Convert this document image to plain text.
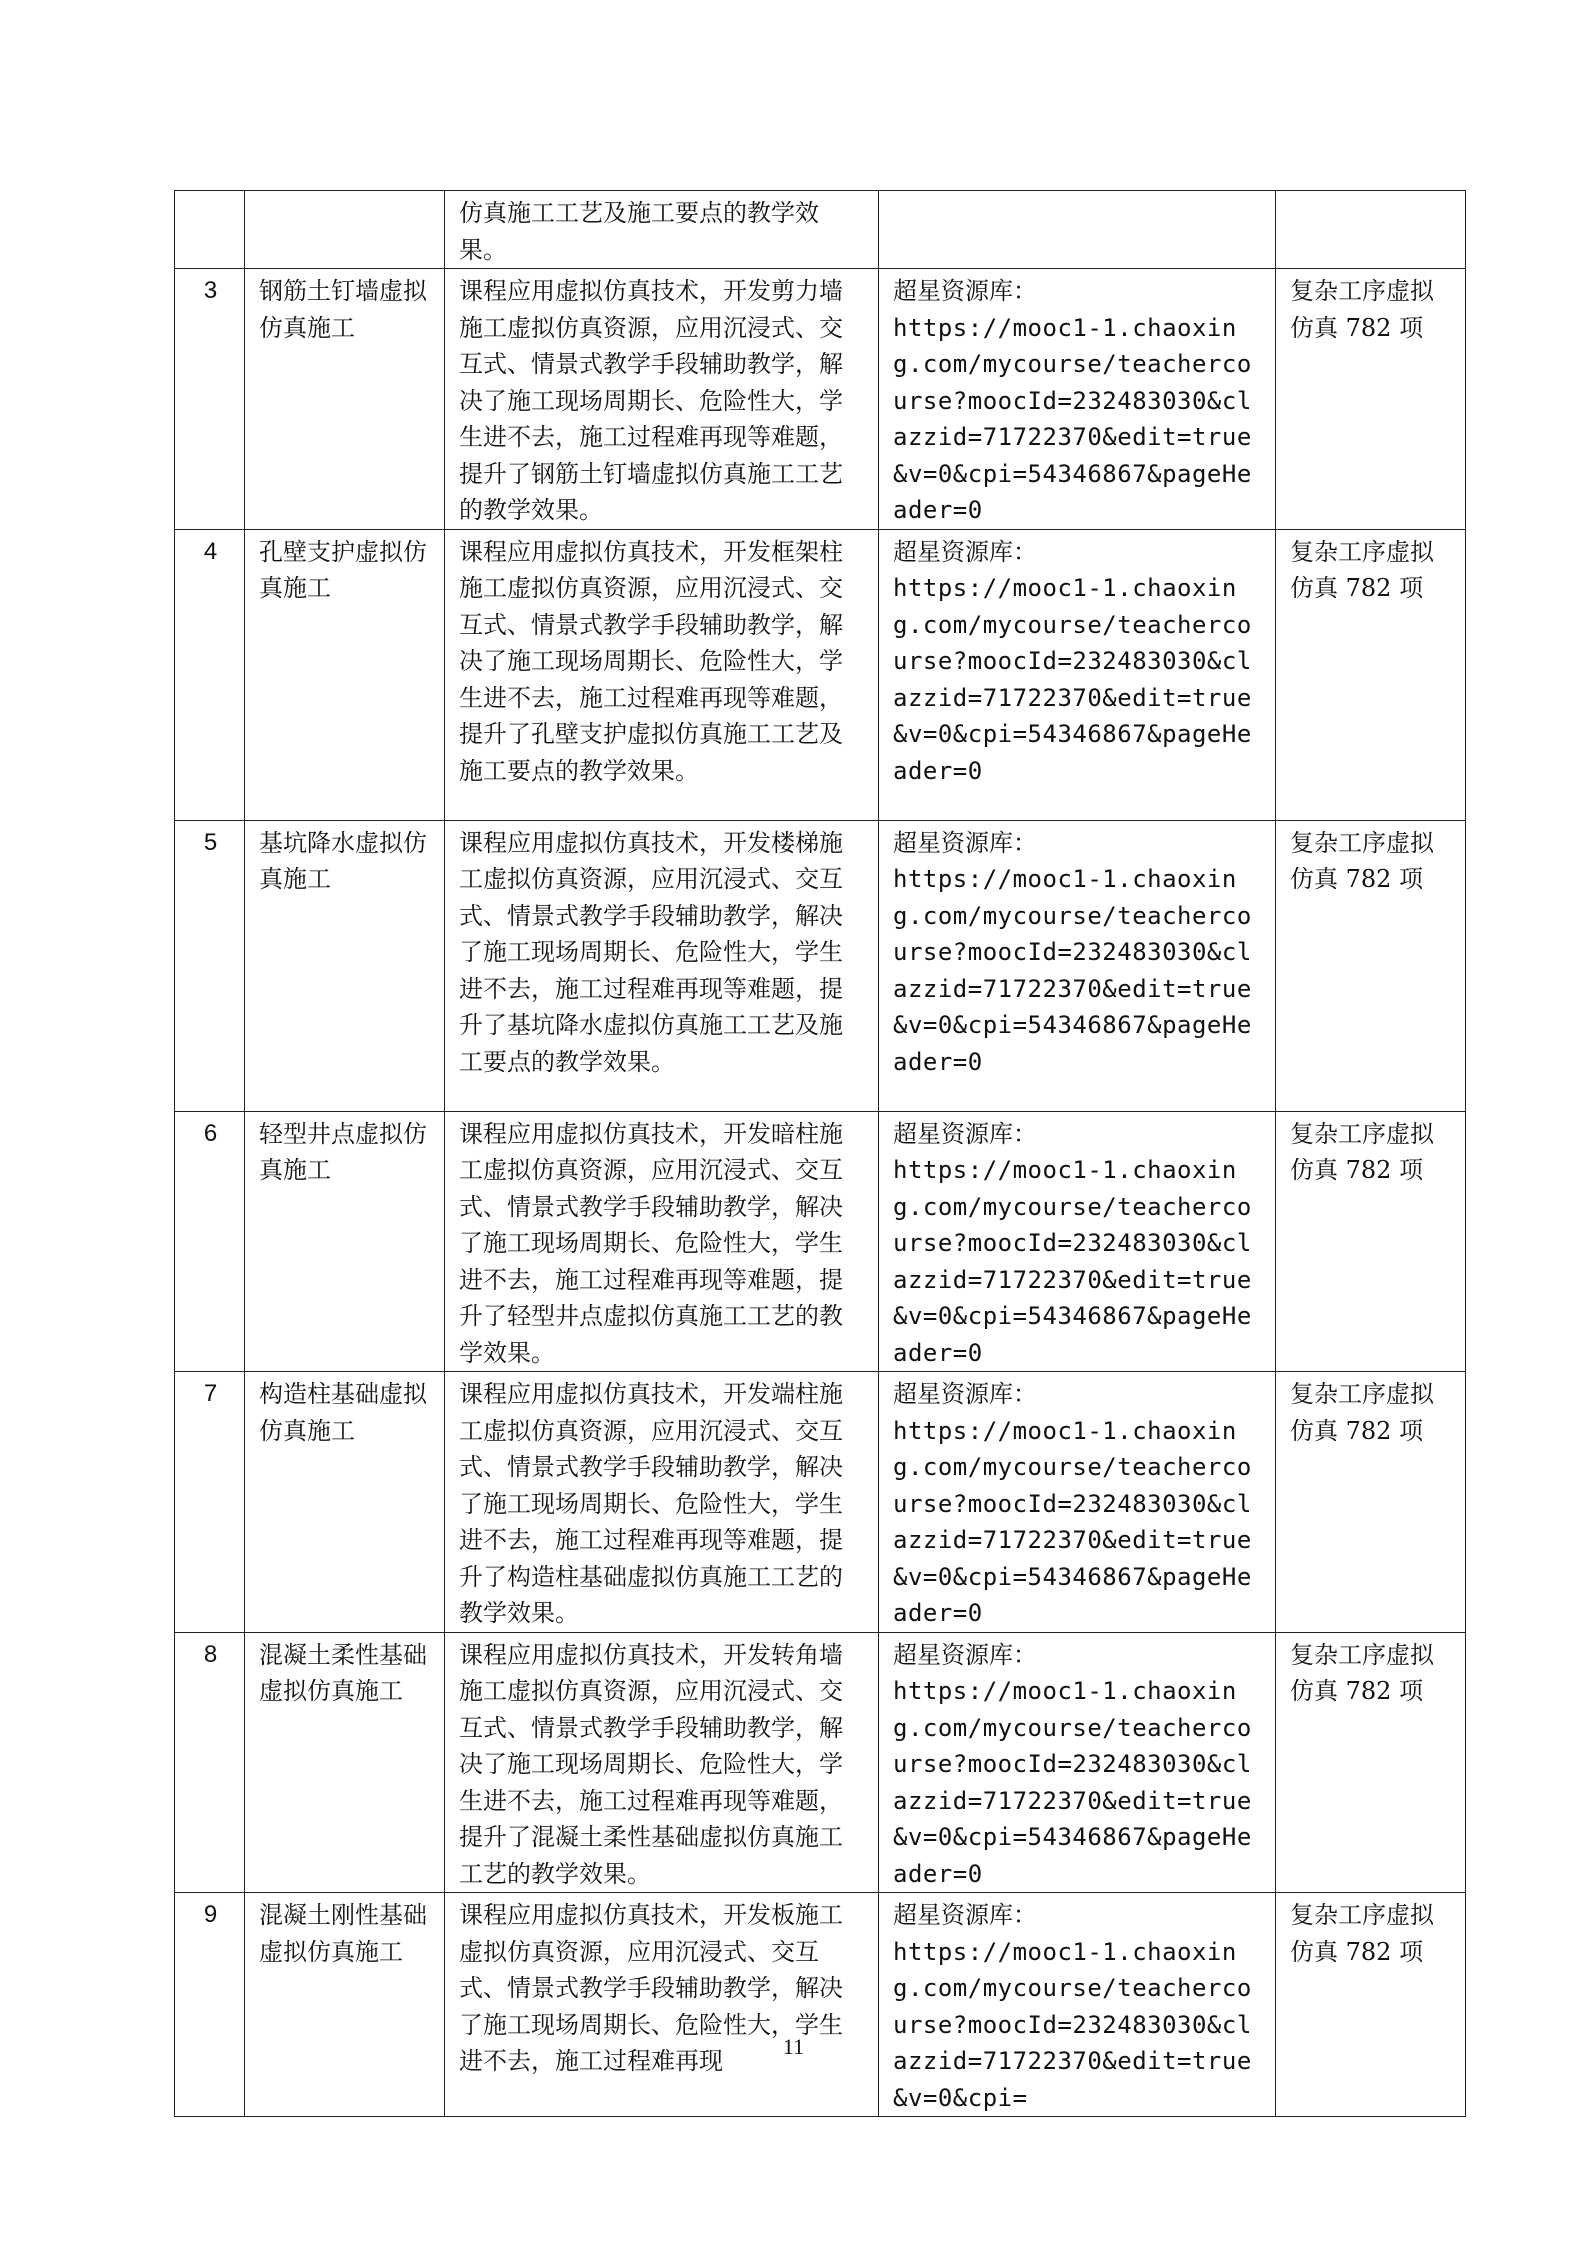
		仿真施工工艺及施工要点的教学效果。		

3	钢筋土钉墙虚拟仿真施工	课程应用虚拟仿真技术，开发剪力墙施工虚拟仿真资源，应用沉浸式、交互式、情景式教学手段辅助教学，解决了施工现场周期长、危险性大，学生进不去，施工过程难再现等难题，提升了钢筋土钉墙虚拟仿真施工工艺的教学效果。	超星资源库：
https://mooc1-1.chaoxing.com/mycourse/teachercourse?moocId=232483030&clazzid=71722370&edit=true&v=0&cpi=54346867&pageHeader=0	复杂工序虚拟仿真 782 项

4	孔壁支护虚拟仿真施工	课程应用虚拟仿真技术，开发框架柱施工虚拟仿真资源，应用沉浸式、交互式、情景式教学手段辅助教学，解决了施工现场周期长、危险性大，学生进不去，施工过程难再现等难题，提升了孔壁支护虚拟仿真施工工艺及施工要点的教学效果。	超星资源库：
https://mooc1-1.chaoxing.com/mycourse/teachercourse?moocId=232483030&clazzid=71722370&edit=true&v=0&cpi=54346867&pageHeader=0	复杂工序虚拟仿真 782 项

5	基坑降水虚拟仿真施工	课程应用虚拟仿真技术，开发楼梯施工虚拟仿真资源，应用沉浸式、交互式、情景式教学手段辅助教学，解决了施工现场周期长、危险性大，学生进不去，施工过程难再现等难题，提升了基坑降水虚拟仿真施工工艺及施工要点的教学效果。	超星资源库：
https://mooc1-1.chaoxing.com/mycourse/teachercourse?moocId=232483030&clazzid=71722370&edit=true&v=0&cpi=54346867&pageHeader=0	复杂工序虚拟仿真 782 项

6	轻型井点虚拟仿真施工	课程应用虚拟仿真技术，开发暗柱施工虚拟仿真资源，应用沉浸式、交互式、情景式教学手段辅助教学，解决了施工现场周期长、危险性大，学生进不去，施工过程难再现等难题，提升了轻型井点虚拟仿真施工工艺的教学效果。	超星资源库：
https://mooc1-1.chaoxing.com/mycourse/teachercourse?moocId=232483030&clazzid=71722370&edit=true&v=0&cpi=54346867&pageHeader=0	复杂工序虚拟仿真 782 项

7	构造柱基础虚拟仿真施工	课程应用虚拟仿真技术，开发端柱施工虚拟仿真资源，应用沉浸式、交互式、情景式教学手段辅助教学，解决了施工现场周期长、危险性大，学生进不去，施工过程难再现等难题，提升了构造柱基础虚拟仿真施工工艺的教学效果。	超星资源库：
https://mooc1-1.chaoxing.com/mycourse/teachercourse?moocId=232483030&clazzid=71722370&edit=true&v=0&cpi=54346867&pageHeader=0	复杂工序虚拟仿真 782 项

8	混凝土柔性基础虚拟仿真施工	课程应用虚拟仿真技术，开发转角墙施工虚拟仿真资源，应用沉浸式、交互式、情景式教学手段辅助教学，解决了施工现场周期长、危险性大，学生进不去，施工过程难再现等难题，提升了混凝土柔性基础虚拟仿真施工工艺的教学效果。	超星资源库：
https://mooc1-1.chaoxing.com/mycourse/teachercourse?moocId=232483030&clazzid=71722370&edit=true&v=0&cpi=54346867&pageHeader=0	复杂工序虚拟仿真 782 项

9	混凝土刚性基础虚拟仿真施工	课程应用虚拟仿真技术，开发板施工虚拟仿真资源，应用沉浸式、交互式、情景式教学手段辅助教学，解决了施工现场周期长、危险性大，学生进不去，施工过程难再现	超星资源库：
https://mooc1-1.chaoxing.com/mycourse/teachercourse?moocId=232483030&clazzid=71722370&edit=true&v=0&cpi=	复杂工序虚拟仿真 782 项
11
